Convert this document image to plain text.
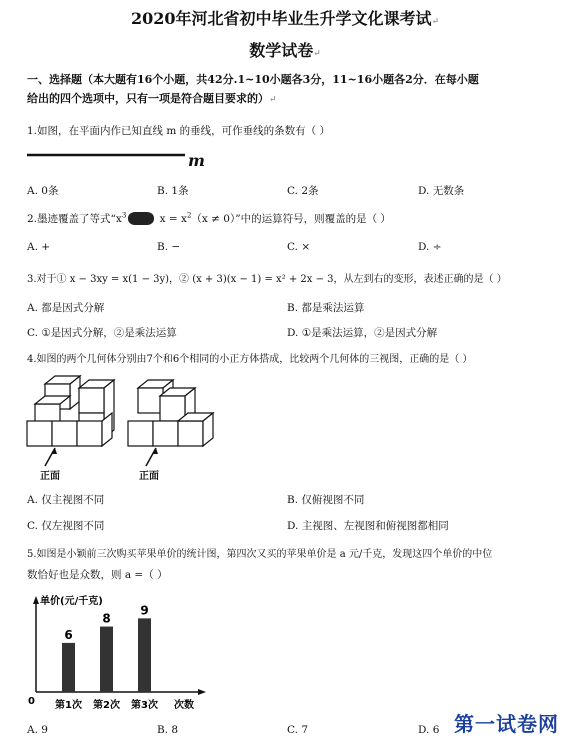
2020年河北省初中毕业生升学文化课考试↵
数学试卷↵
一、选择题（本大题有16个小题，共42分.1~10小题各3分，11~16小题各2分．在每小题
给出的四个选项中，只有一项是符合题目要求的）↵
1.如图，在平面内作已知直线 m 的垂线，可作垂线的条数有（ ）
m
A. 0条	B. 1条	C. 2条	D. 无数条
2.墨迹覆盖了等式“$x^3$	$x = x^2(x \ne 0)$”中的运算符号，则覆盖的是（ ）
A. +	B. −	C. ×	D. ÷
3.对于① x − 3xy = x(1 − 3y)，② (x + 3)(x − 1) = x² + 2x − 3，从左到右的变形，表述正确的是（ ）
A. 都是因式分解	B. 都是乘法运算
C. ①是因式分解，②是乘法运算	D. ①是乘法运算，②是因式分解
4.如图的两个几何体分别由7个和6个相同的小正方体搭成，比较两个几何体的三视图，正确的是（ ）
正面	正面
A. 仅主视图不同	B. 仅俯视图不同
C. 仅左视图不同	D. 主视图、左视图和俯视图都相同
5.如图是小颖前三次购买苹果单价的统计图，第四次又买的苹果单价是 a 元/千克，发现这四个单价的中位
数恰好也是众数，则 a =（ ）
单价(元/千克)
0	次数
6
第1次
8
第2次
9
第3次
A. 9	B. 8	C. 7	D. 6 第一试卷网
